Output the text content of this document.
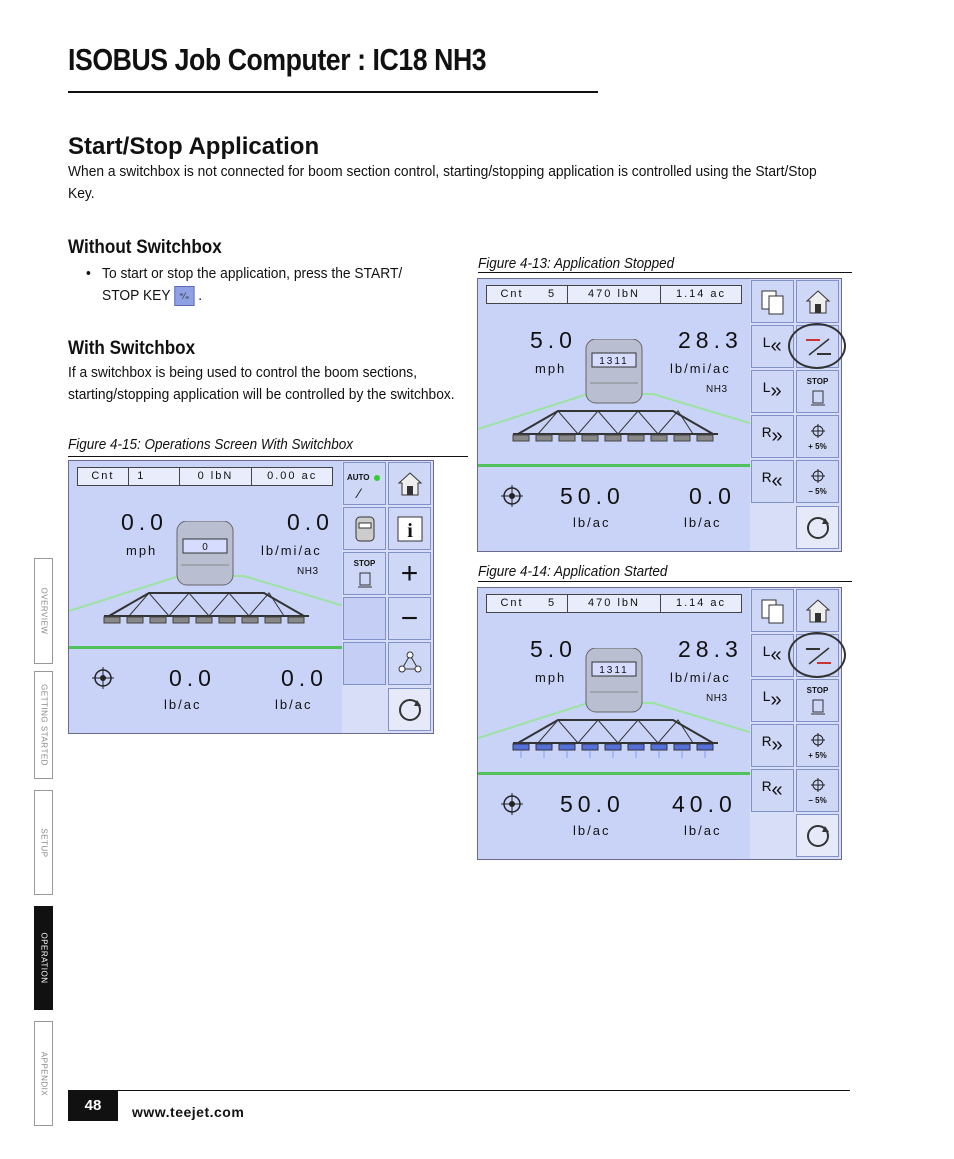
ISOBUS Job Computer : IC18 NH3
Start/Stop Application
When a switchbox is not connected for boom section control, starting/stopping application is controlled using the Start/Stop Key.
Without Switchbox
• To start or stop the application, press the START/ STOP KEY ⁼⁄₌ .
With Switchbox
If a switchbox is being used to control the boom sections, starting/stopping application will be controlled by the switchbox.
Figure 4-15: Operations Screen With Switchbox
Figure 4-13: Application Stopped
Figure 4-14: Application Started
Cnt	1	0 lbN	0.00 ac
0.0
mph
0.0
lb/mi/ac
NH3
0
0.0
lb/ac
0.0
lb/ac
AUTO
⁄
i
STOP +
−
Cnt	5	470 lbN	1.14 ac
5.0
mph
28.3
lb/mi/ac
NH3
1311
50.0
lb/ac
0.0
lb/ac
ᴸ«
ᴸ»	STOP
ᴿ»	+ 5%
ᴿ«	− 5%
Cnt	5	470 lbN	1.14 ac
5.0
mph
28.3
lb/mi/ac
NH3
1311
50.0
lb/ac
40.0
lb/ac
ᴸ«
ᴸ»	STOP
ᴿ»	+ 5%
ᴿ«	− 5%
OVERVIEW
GETTING STARTED
SETUP
OPERATION
APPENDIX
48	www.teejet.com
